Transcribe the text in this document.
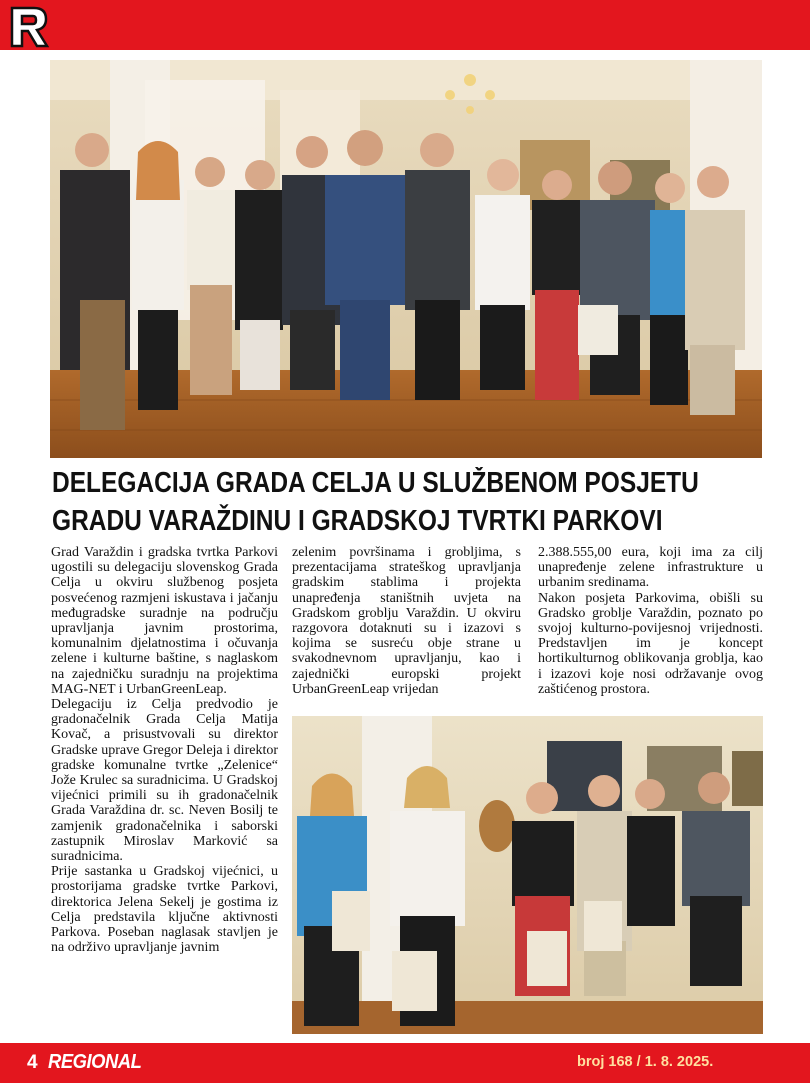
DELEGACIJA GRADA CELJA U SLUŽBENOM POSJETU
GRADU VARAŽDINU I GRADSKOJ TVRTKI PARKOVI

Grad Varaždin i gradska tvrtka Parkovi ugostili su delegaciju slovenskog Grada Celja u okviru službenog posjeta posvećenog razmjeni iskustava i jačanju međugradske suradnje na području upravljanja javnim prostorima, komunalnim djelatnostima i očuvanja zelene i kulturne baštine, s naglaskom na zajedničku suradnju na projektima MAG-NET i UrbanGreenLeap.

Delegaciju iz Celja predvodio je gradonačelnik Grada Celja Matija Kovač, a prisustvovali su direktor Gradske uprave Gregor Deleja i direktor gradske komunalne tvrtke „Zelenice“ Jože Krulec sa suradnicima. U Gradskoj vijećnici primili su ih gradonačelnik Grada Varaždina dr. sc. Neven Bosilj te zamjenik gradonačelnika i saborski zastupnik Miroslav Marković sa suradnicima.

Prije sastanka u Gradskoj vijećnici, u prostorijama gradske tvrtke Parkovi, direktorica Jelena Sekelj je gostima iz Celja predstavila ključne aktivnosti Parkova. Poseban naglasak stavljen je na održivo upravljanje javnim

zelenim površinama i grobljima, s prezentacijama strateškog upravljanja gradskim stablima i projekta unapređenja staništnih uvjeta na Gradskom groblju Varaždin. U okviru razgovora dotaknuti su i izazovi s kojima se susreću obje strane u svakodnevnom upravljanju, kao i zajednički europski projekt UrbanGreenLeap vrijedan

2.388.555,00 eura, koji ima za cilj unapređenje zelene infrastrukture u urbanim sredinama.

Nakon posjeta Parkovima, obišli su Gradsko groblje Varaždin, poznato po svojoj kulturno-povijesnoj vrijednosti. Predstavljen im je koncept hortikulturnog oblikovanja groblja, kao i izazovi koje nosi održavanje ovog zaštićenog prostora.

4 REGIONAL	broj 168 / 1. 8. 2025.
